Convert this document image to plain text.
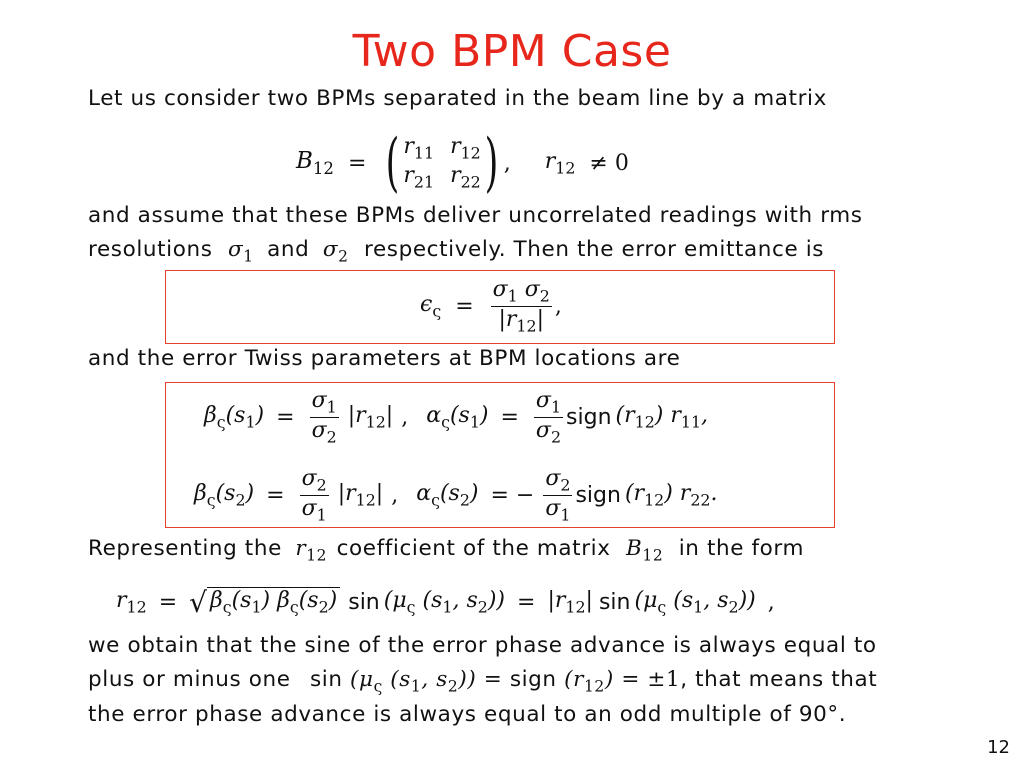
Two BPM Case
Let us consider two BPMs separated in the beam line by a matrix
$B_{12}$ = ( $r_{11}$ $r_{12}$
$r_{21}$ $r_{22}$ ) , $r_{12} \ne 0$
and assume that these BPMs deliver uncorrelated readings with rms
resolutions $\sigma_1$ and $\sigma_2$ respectively. Then the error emittance is
$\epsilon_\varsigma = \frac{\sigma_1 \sigma_2}{|r_{12}|}$ ,
and the error Twiss parameters at BPM locations are
$\beta_\varsigma(s_1) = \frac{\sigma_1}{\sigma_2} |r_{12}|$ , $\alpha_\varsigma(s_1) = \frac{\sigma_1}{\sigma_2}$ sign $(r_{12})$ $r_{11}$,
$\beta_\varsigma(s_2) = \frac{\sigma_2}{\sigma_1} |r_{12}|$ , $\alpha_\varsigma(s_2)$ = − $\frac{\sigma_2}{\sigma_1}$ sign $(r_{12})$ $r_{22}$.
Representing the $r_{12}$ coefficient of the matrix $B_{12}$ in the form
$r_{12}$ = √ $\beta_\varsigma(s_1)$ $\beta_\varsigma(s_2)$ $\sin (\mu_\varsigma$ ($s_1$, $s_2)) = |r_{12}|$ $\sin (\mu_\varsigma$ ($s_1$, $s_2$)) ,
we obtain that the sine of the error phase advance is always equal to
plus or minus one $\sin (\mu_\varsigma$ ($s_1$, $s_2$)) = sign $(r_{12}) = \pm 1$, that means that
the error phase advance is always equal to an odd multiple of 90°.
12
